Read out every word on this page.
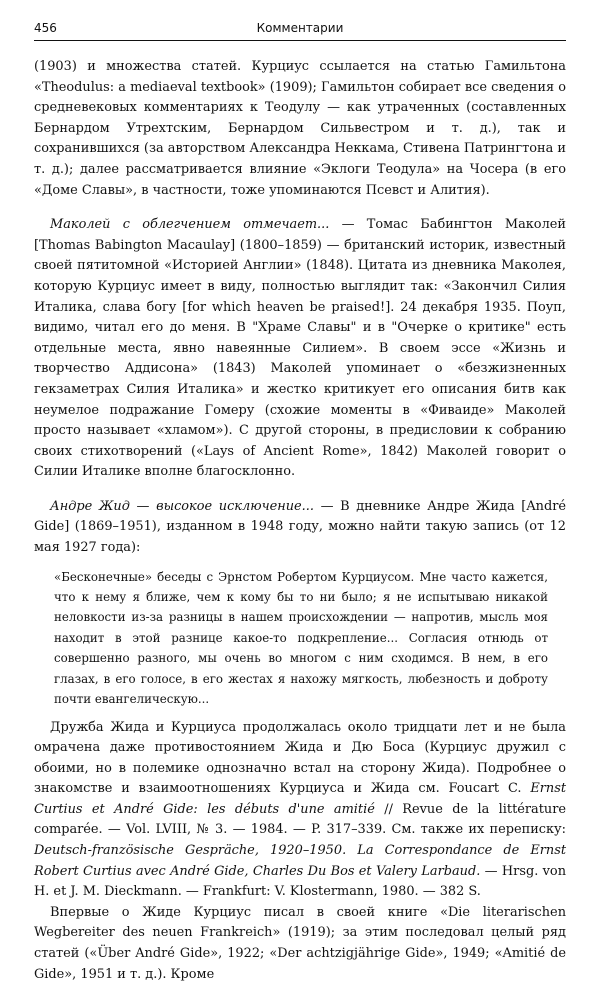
456	Комментарии

(1903) и множества статей. Курциус ссылается на статью Гамильтона «Theodulus: a mediaeval textbook» (1909); Гамильтон собирает все сведения о средневековых комментариях к Теодулу — как утраченных (составленных Бернардом Утрехтским, Бернардом Сильвестром и т. д.), так и сохранившихся (за авторством Александра Неккама, Стивена Патрингтона и т. д.); далее рассматривается влияние «Эклоги Теодула» на Чосера (в его «Доме Славы», в частности, тоже упоминаются Псевст и Алития).

Маколей с облегчением отмечает... — Томас Бабингтон Маколей [Thomas Babington Macaulay] (1800–1859) — британский историк, известный своей пятитомной «Историей Англии» (1848). Цитата из дневника Маколея, которую Курциус имеет в виду, полностью выглядит так: «Закончил Силия Италика, слава богу [for which heaven be praised!]. 24 декабря 1935. Поуп, видимо, читал его до меня. В "Храме Славы" и в "Очерке о критике" есть отдельные места, явно навеянные Силием». В своем эссе «Жизнь и творчество Аддисона» (1843) Маколей упоминает о «безжизненных гекзаметрах Силия Италика» и жестко критикует его описания битв как неумелое подражание Гомеру (схожие моменты в «Фиваиде» Маколей просто называет «хламом»). С другой стороны, в предисловии к собранию своих стихотворений («Lays of Ancient Rome», 1842) Маколей говорит о Силии Италике вполне благосклонно.

Андре Жид — высокое исключение... — В дневнике Андре Жида [André Gide] (1869–1951), изданном в 1948 году, можно найти такую запись (от 12 мая 1927 года):

«Бесконечные» беседы с Эрнстом Робертом Курциусом. Мне часто кажется, что к нему я ближе, чем к кому бы то ни было; я не испытываю никакой неловкости из-за разницы в нашем происхождении — напротив, мысль моя находит в этой разнице какое-то подкрепление... Согласия отнюдь от совершенно разного, мы очень во многом с ним сходимся. В нем, в его глазах, в его голосе, в его жестах я нахожу мягкость, любезность и доброту почти евангелическую...

Дружба Жида и Курциуса продолжалась около тридцати лет и не была омрачена даже противостоянием Жида и Дю Боса (Курциус дружил с обоими, но в полемике однозначно встал на сторону Жида). Подробнее о знакомстве и взаимоотношениях Курциуса и Жида см. Foucart C. Ernst Curtius et André Gide: les débuts d'une amitié // Revue de la littérature comparée. — Vol. LVIII, № 3. — 1984. — P. 317–339. См. также их переписку: Deutsch-französische Gespräche, 1920–1950. La Correspondance de Ernst Robert Curtius avec André Gide, Charles Du Bos et Valery Larbaud. — Hrsg. von H. et J. M. Dieckmann. — Frankfurt: V. Klostermann, 1980. — 382 S.

Впервые о Жиде Курциус писал в своей книге «Die literarischen Wegbereiter des neuen Frankreich» (1919); за этим последовал целый ряд статей («Über André Gide», 1922; «Der achtzigjährige Gide», 1949; «Amitié de Gide», 1951 и т. д.). Кроме
